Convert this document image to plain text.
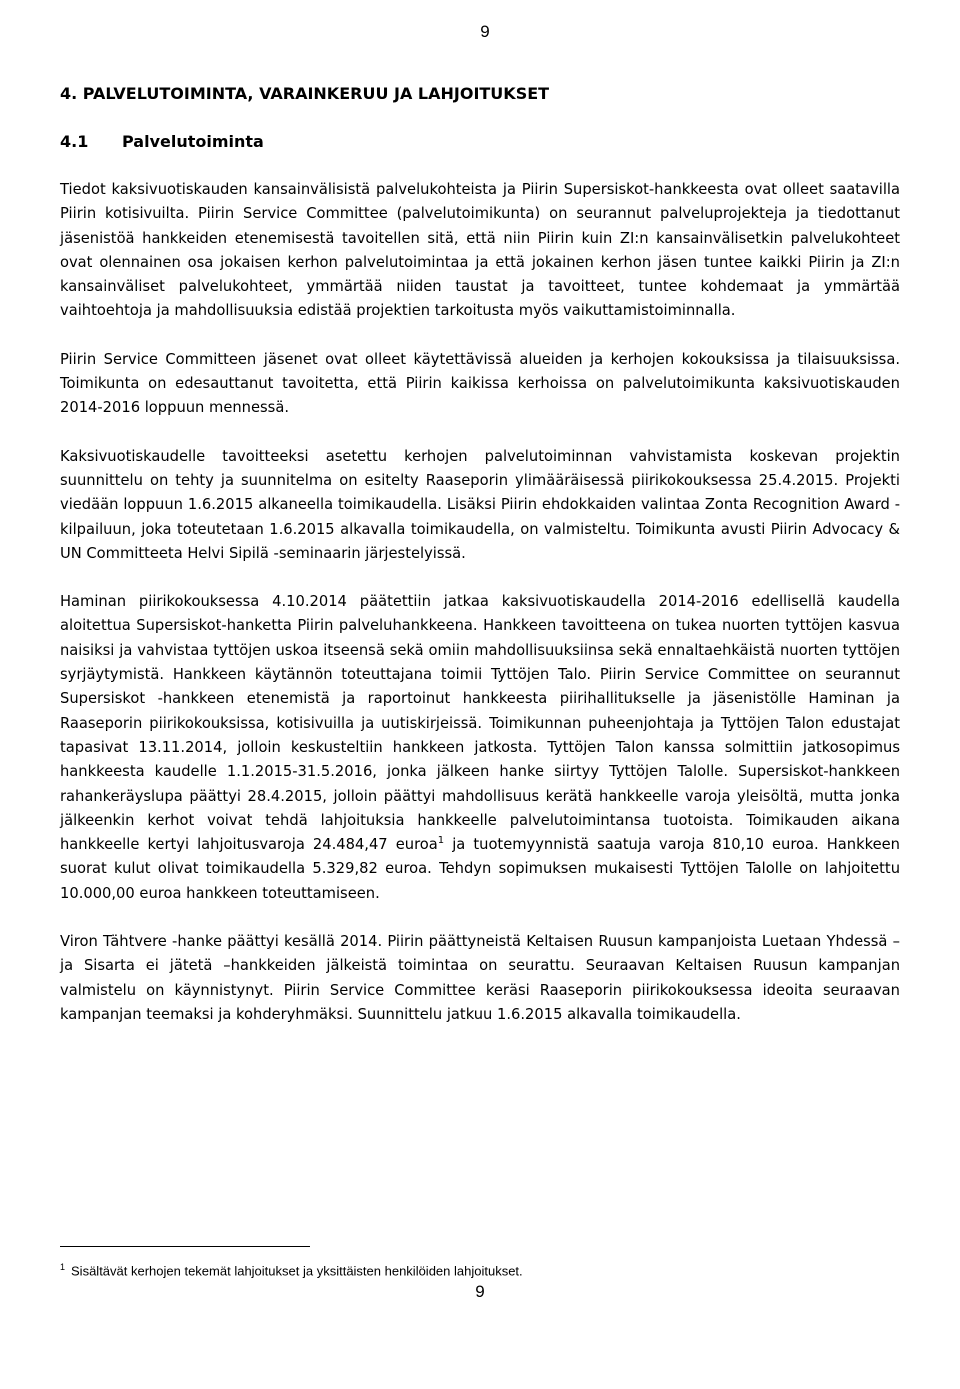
9
4. PALVELUTOIMINTA, VARAINKERUU JA LAHJOITUKSET
4.1 Palvelutoiminta

Tiedot kaksivuotiskauden kansainvälisistä palvelukohteista ja Piirin Supersiskot-hankkeesta ovat olleet saatavilla Piirin kotisivuilta. Piirin Service Committee (palvelutoimikunta) on seurannut palveluprojekteja ja tiedottanut jäsenistöä hankkeiden etenemisestä tavoitellen sitä, että niin Piirin kuin ZI:n kansainvälisetkin palvelukohteet ovat olennainen osa jokaisen kerhon palvelutoimintaa ja että jokainen kerhon jäsen tuntee kaikki Piirin ja ZI:n kansainväliset palvelukohteet, ymmärtää niiden taustat ja tavoitteet, tuntee kohdemaat ja ymmärtää vaihtoehtoja ja mahdollisuuksia edistää projektien tarkoitusta myös vaikuttamistoiminnalla.

Piirin Service Committeen jäsenet ovat olleet käytettävissä alueiden ja kerhojen kokouksissa ja tilaisuuksissa. Toimikunta on edesauttanut tavoitetta, että Piirin kaikissa kerhoissa on palvelutoimikunta kaksivuotiskauden 2014-2016 loppuun mennessä.

Kaksivuotiskaudelle tavoitteeksi asetettu kerhojen palvelutoiminnan vahvistamista koskevan projektin suunnittelu on tehty ja suunnitelma on esitelty Raaseporin ylimääräisessä piirikokouksessa 25.4.2015. Projekti viedään loppuun 1.6.2015 alkaneella toimikaudella. Lisäksi Piirin ehdokkaiden valintaa Zonta Recognition Award -kilpailuun, joka toteutetaan 1.6.2015 alkavalla toimikaudella, on valmisteltu. Toimikunta avusti Piirin Advocacy & UN Committeeta Helvi Sipilä -seminaarin järjestelyissä.

Haminan piirikokouksessa 4.10.2014 päätettiin jatkaa kaksivuotiskaudella 2014-2016 edellisellä kaudella aloitettua Supersiskot-hanketta Piirin palveluhankkeena. Hankkeen tavoitteena on tukea nuorten tyttöjen kasvua naisiksi ja vahvistaa tyttöjen uskoa itseensä sekä omiin mahdollisuuksiinsa sekä ennaltaehkäistä nuorten tyttöjen syrjäytymistä. Hankkeen käytännön toteuttajana toimii Tyttöjen Talo. Piirin Service Committee on seurannut Supersiskot -hankkeen etenemistä ja raportoinut hankkeesta piirihallitukselle ja jäsenistölle Haminan ja Raaseporin piirikokouksissa, kotisivuilla ja uutiskirjeissä. Toimikunnan puheenjohtaja ja Tyttöjen Talon edustajat tapasivat 13.11.2014, jolloin keskusteltiin hankkeen jatkosta. Tyttöjen Talon kanssa solmittiin jatkosopimus hankkeesta kaudelle 1.1.2015-31.5.2016, jonka jälkeen hanke siirtyy Tyttöjen Talolle. Supersiskot-hankkeen rahankeräyslupa päättyi 28.4.2015, jolloin päättyi mahdollisuus kerätä hankkeelle varoja yleisöltä, mutta jonka jälkeenkin kerhot voivat tehdä lahjoituksia hankkeelle palvelutoimintansa tuotoista. Toimikauden aikana hankkeelle kertyi lahjoitusvaroja 24.484,47 euroa$^1$ ja tuotemyynnistä saatuja varoja 810,10 euroa. Hankkeen suorat kulut olivat toimikaudella 5.329,82 euroa. Tehdyn sopimuksen mukaisesti Tyttöjen Talolle on lahjoitettu 10.000,00 euroa hankkeen toteuttamiseen.

Viron Tähtvere -hanke päättyi kesällä 2014. Piirin päättyneistä Keltaisen Ruusun kampanjoista Luetaan Yhdessä – ja Sisarta ei jätetä –hankkeiden jälkeistä toimintaa on seurattu. Seuraavan Keltaisen Ruusun kampanjan valmistelu on käynnistynyt. Piirin Service Committee keräsi Raaseporin piirikokouksessa ideoita seuraavan kampanjan teemaksi ja kohderyhmäksi. Suunnittelu jatkuu 1.6.2015 alkavalla toimikaudella.

$^1$ Sisältävät kerhojen tekemät lahjoitukset ja yksittäisten henkilöiden lahjoitukset.
9
